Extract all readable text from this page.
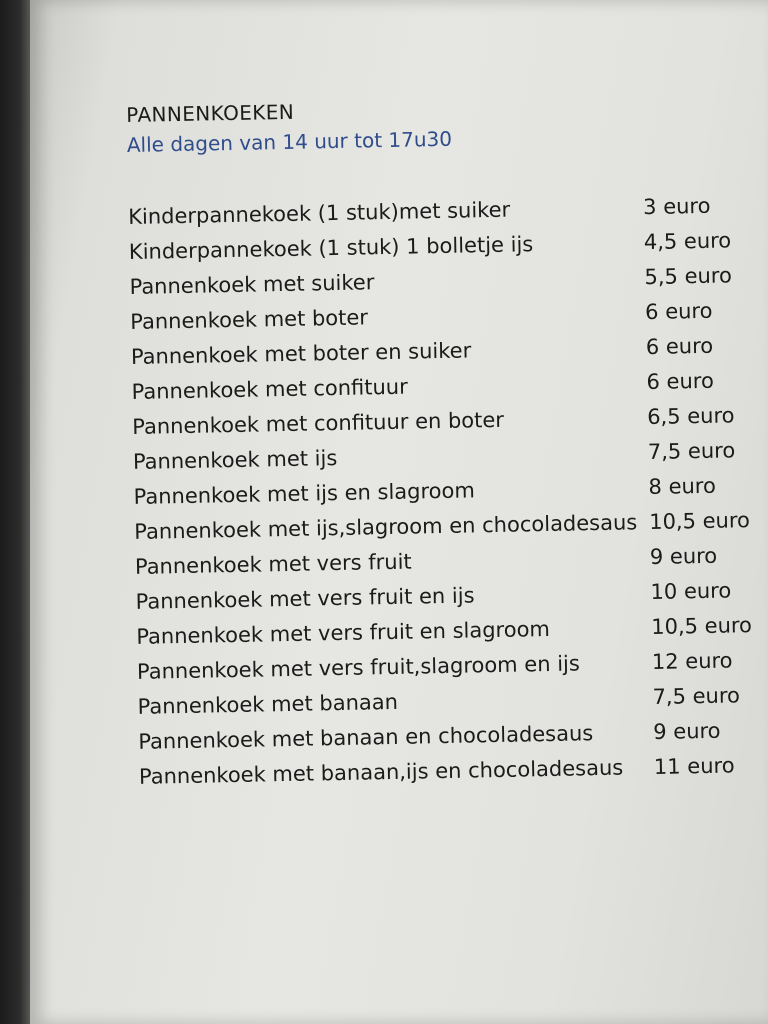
PANNENKOEKEN
Alle dagen van 14 uur tot 17u30
Kinderpannekoek (1 stuk)met suiker	3 euro
Kinderpannekoek (1 stuk) 1 bolletje ijs	4,5 euro
Pannenkoek met suiker	5,5 euro
Pannenkoek met boter	6 euro
Pannenkoek met boter en suiker	6 euro
Pannenkoek met confituur	6 euro
Pannenkoek met confituur en boter	6,5 euro
Pannenkoek met ijs	7,5 euro
Pannenkoek met ijs en slagroom	8 euro
Pannenkoek met ijs,slagroom en chocoladesaus 10,5 euro
Pannenkoek met vers fruit	9 euro
Pannenkoek met vers fruit en ijs	10 euro
Pannenkoek met vers fruit en slagroom	10,5 euro
Pannenkoek met vers fruit,slagroom en ijs	12 euro
Pannenkoek met banaan	7,5 euro
Pannenkoek met banaan en chocoladesaus	9 euro
Pannenkoek met banaan,ijs en chocoladesaus	11 euro
